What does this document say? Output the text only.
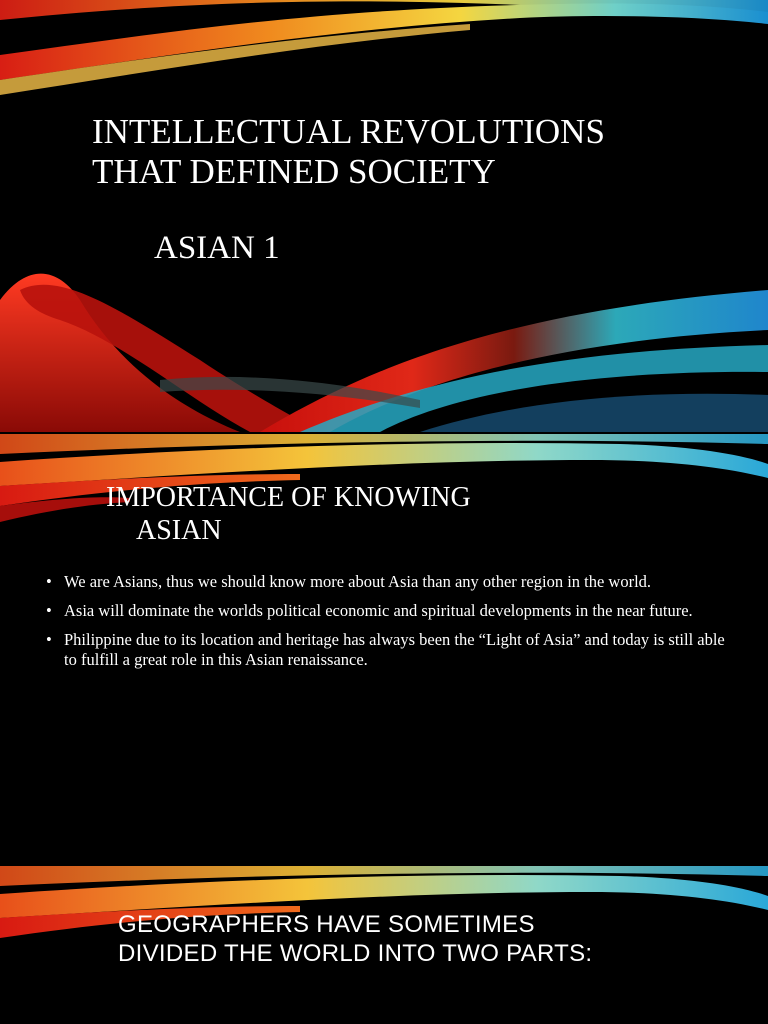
INTELLECTUAL REVOLUTIONS
THAT DEFINED SOCIETY
ASIAN 1
IMPORTANCE OF KNOWING
ASIAN
• We are Asians, thus we should know more about Asia than any other region in the world.
• Asia will dominate the worlds political economic and spiritual developments in the near future.
• Philippine due to its location and heritage has always been the “Light of Asia” and today is still able to fulfill a great role in this Asian renaissance.
GEOGRAPHERS HAVE SOMETIMES
DIVIDED THE WORLD INTO TWO PARTS:
